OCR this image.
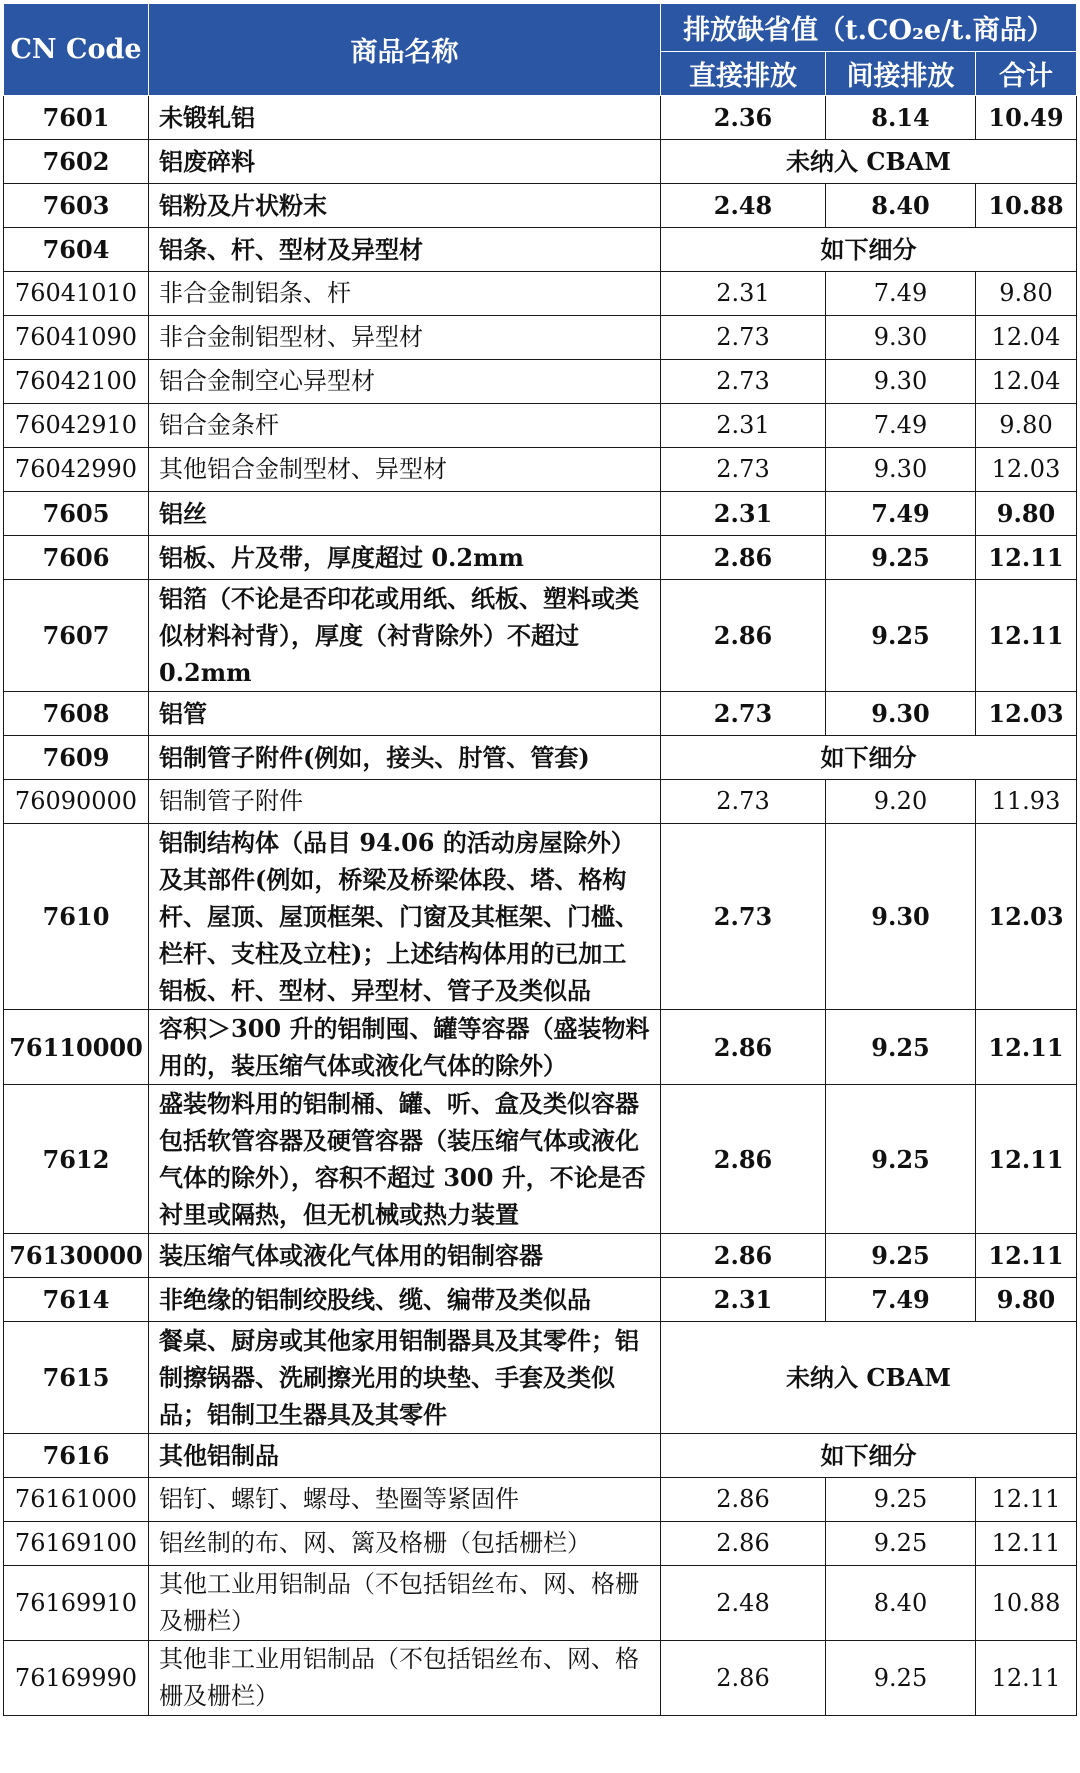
CN Code	商品名称	排放缺省值（t.CO₂e/t.商品）		
		直接排放	间接排放	合计
7601	未锻轧铝	2.36	8.14	10.49
7602	铝废碎料	未纳入 CBAM		
7603	铝粉及片状粉末	2.48	8.40	10.88
7604	铝条、杆、型材及异型材	如下细分		
76041010	非合金制铝条、杆	2.31	7.49	9.80
76041090	非合金制铝型材、异型材	2.73	9.30	12.04
76042100	铝合金制空心异型材	2.73	9.30	12.04
76042910	铝合金条杆	2.31	7.49	9.80
76042990	其他铝合金制型材、异型材	2.73	9.30	12.03
7605	铝丝	2.31	7.49	9.80
7606	铝板、片及带，厚度超过 0.2mm	2.86	9.25	12.11
7607	铝箔（不论是否印花或用纸、纸板、塑料或类似材料衬背），厚度（衬背除外）不超过 0.2mm	2.86	9.25	12.11
7608	铝管	2.73	9.30	12.03
7609	铝制管子附件(例如，接头、肘管、管套)	如下细分		
76090000	铝制管子附件	2.73	9.20	11.93
7610	铝制结构体（品目 94.06 的活动房屋除外）及其部件(例如，桥梁及桥梁体段、塔、格构杆、屋顶、屋顶框架、门窗及其框架、门槛、栏杆、支柱及立柱)；上述结构体用的已加工铝板、杆、型材、异型材、管子及类似品	2.73	9.30	12.03
76110000	容积＞300 升的铝制囤、罐等容器（盛装物料用的，装压缩气体或液化气体的除外）	2.86	9.25	12.11
7612	盛装物料用的铝制桶、罐、听、盒及类似容器包括软管容器及硬管容器（装压缩气体或液化气体的除外），容积不超过 300 升，不论是否衬里或隔热，但无机械或热力装置	2.86	9.25	12.11
76130000	装压缩气体或液化气体用的铝制容器	2.86	9.25	12.11
7614	非绝缘的铝制绞股线、缆、编带及类似品	2.31	7.49	9.80
7615	餐桌、厨房或其他家用铝制器具及其零件；铝制擦锅器、洗刷擦光用的块垫、手套及类似品；铝制卫生器具及其零件	未纳入 CBAM		
7616	其他铝制品	如下细分		
76161000	铝钉、螺钉、螺母、垫圈等紧固件	2.86	9.25	12.11
76169100	铝丝制的布、网、篱及格栅（包括栅栏）	2.86	9.25	12.11
76169910	其他工业用铝制品（不包括铝丝布、网、格栅及栅栏）	2.48	8.40	10.88
76169990	其他非工业用铝制品（不包括铝丝布、网、格栅及栅栏）	2.86	9.25	12.11
